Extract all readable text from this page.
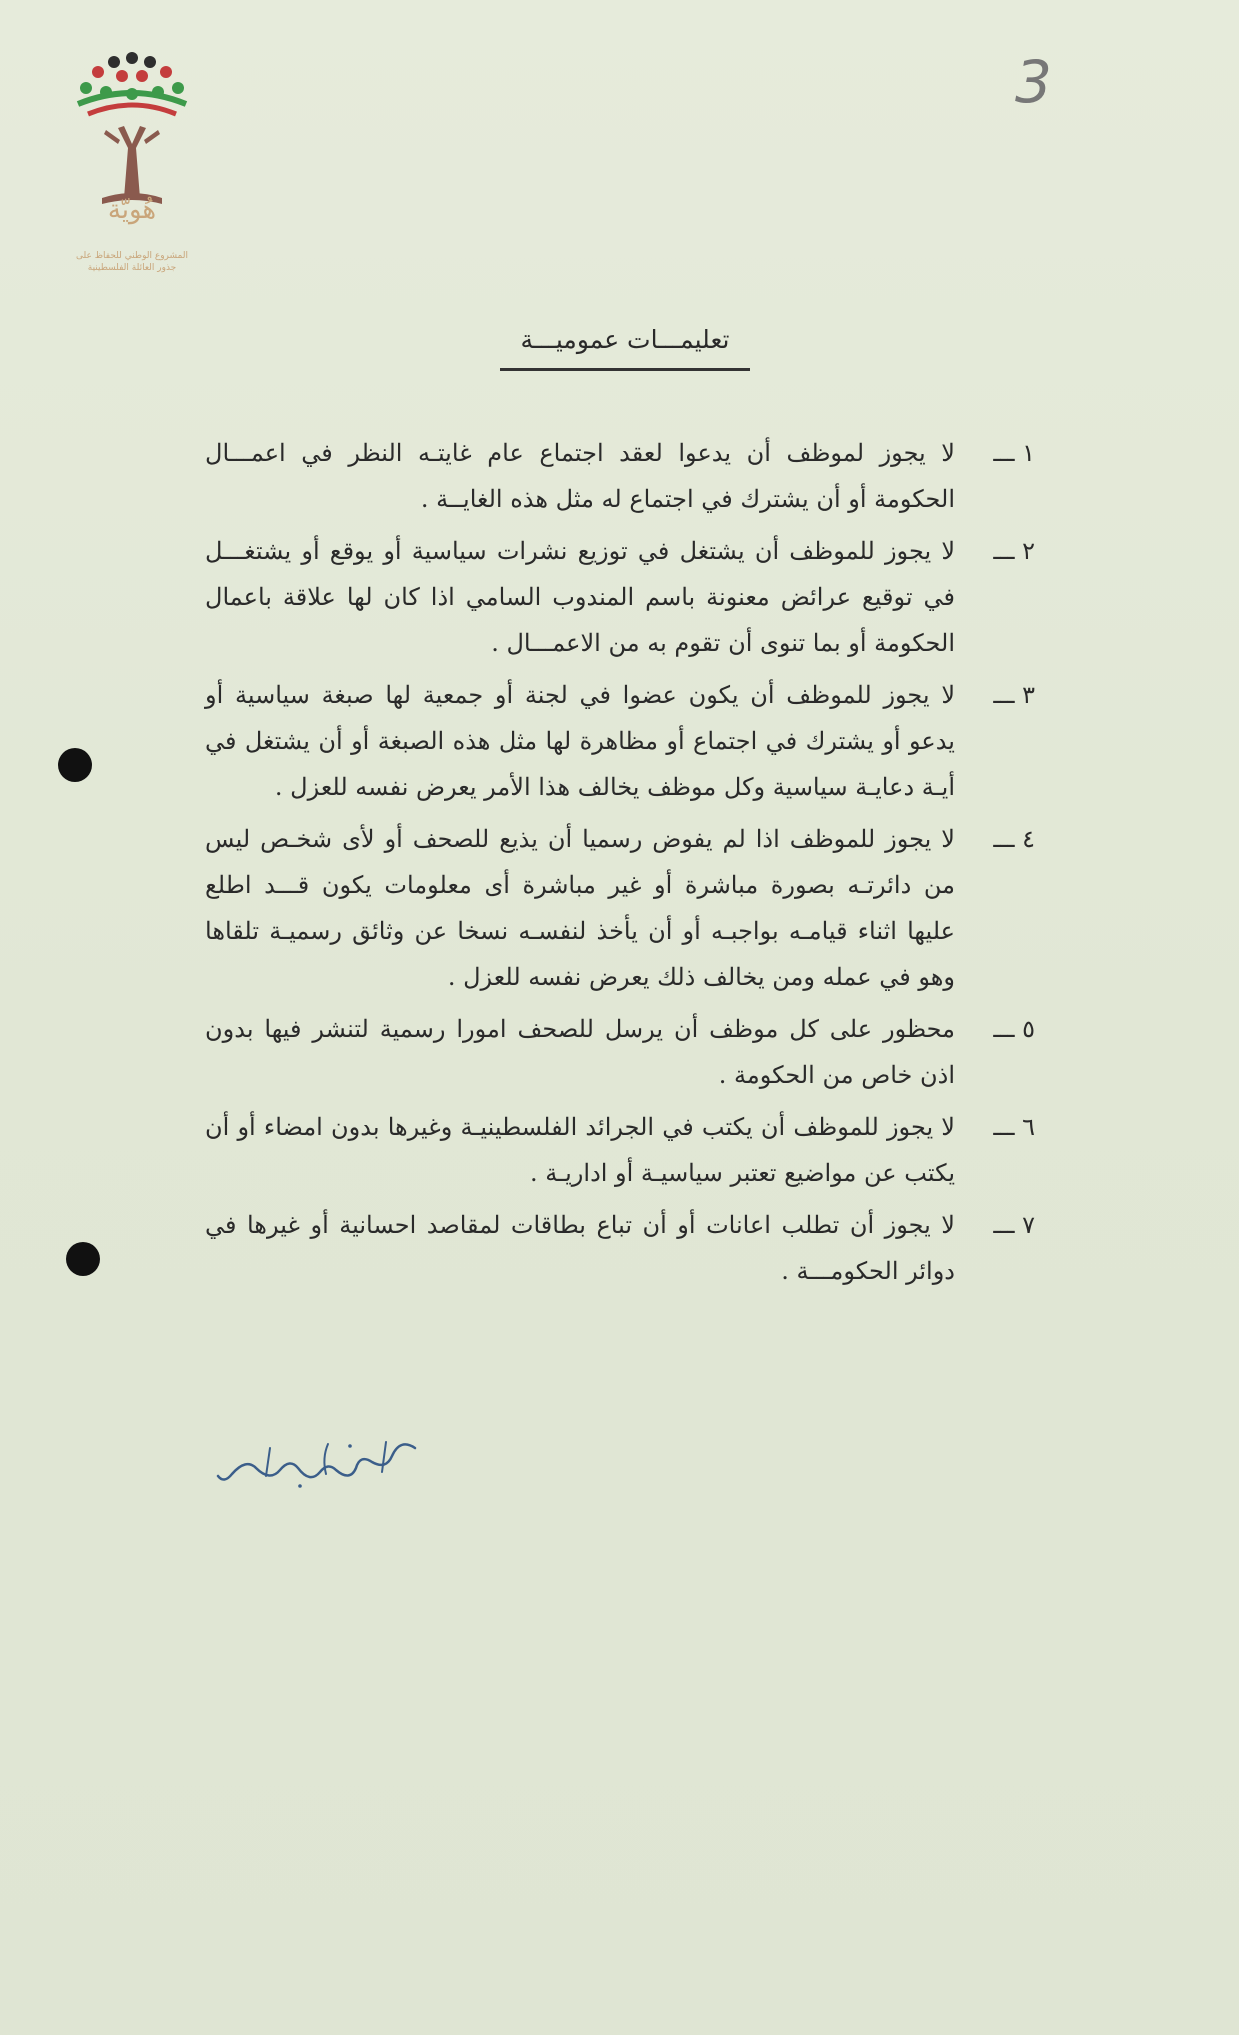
3
هُويّة
المشروع الوطني للحفاظ على
جذور العائلة الفلسطينية
تعليمـــات عموميـــة
١ ـــ
لا يجوز لموظف أن يدعوا لعقد اجتماع عام غايتـه النظر في اعمـــال الحكومة أو أن يشترك في اجتماع له مثل هذه الغايــة .
٢ ـــ
لا يجوز للموظف أن يشتغل في توزيع نشرات سياسية أو يوقع أو يشتغـــل في توقيع عرائض معنونة باسم المندوب السامي اذا كان لها علاقة باعمال الحكومة أو بما تنوى أن تقوم به من الاعمـــال .
٣ ـــ
لا يجوز للموظف أن يكون عضوا في لجنة أو جمعية لها صبغة سياسية أو يدعو أو يشترك في اجتماع أو مظاهرة لها مثل هذه الصبغة أو أن يشتغل في أيـة دعايـة سياسية وكل موظف يخالف هذا الأمر يعرض نفسه للعزل .
٤ ـــ
لا يجوز للموظف اذا لم يفوض رسميا أن يذيع للصحف أو لأى شخـص ليس من دائرتـه بصورة مباشرة أو غير مباشرة أى معلومات يكون قـــد اطلع عليها اثناء قيامـه بواجبـه أو أن يأخذ لنفسـه نسخا عن وثائق رسميـة تلقاها وهو في عمله ومن يخالف ذلك يعرض نفسه للعزل .
٥ ـــ
محظور على كل موظف أن يرسل للصحف امورا رسمية لتنشر فيها بدون اذن خاص من الحكومة .
٦ ـــ
لا يجوز للموظف أن يكتب في الجرائد الفلسطينيـة وغيرها بدون امضاء أو أن يكتب عن مواضيع تعتبر سياسيـة أو اداريـة .
٧ ـــ
لا يجوز أن تطلب اعانات أو أن تباع بطاقات لمقاصد احسانية أو غيرها في دوائر الحكومـــة .
